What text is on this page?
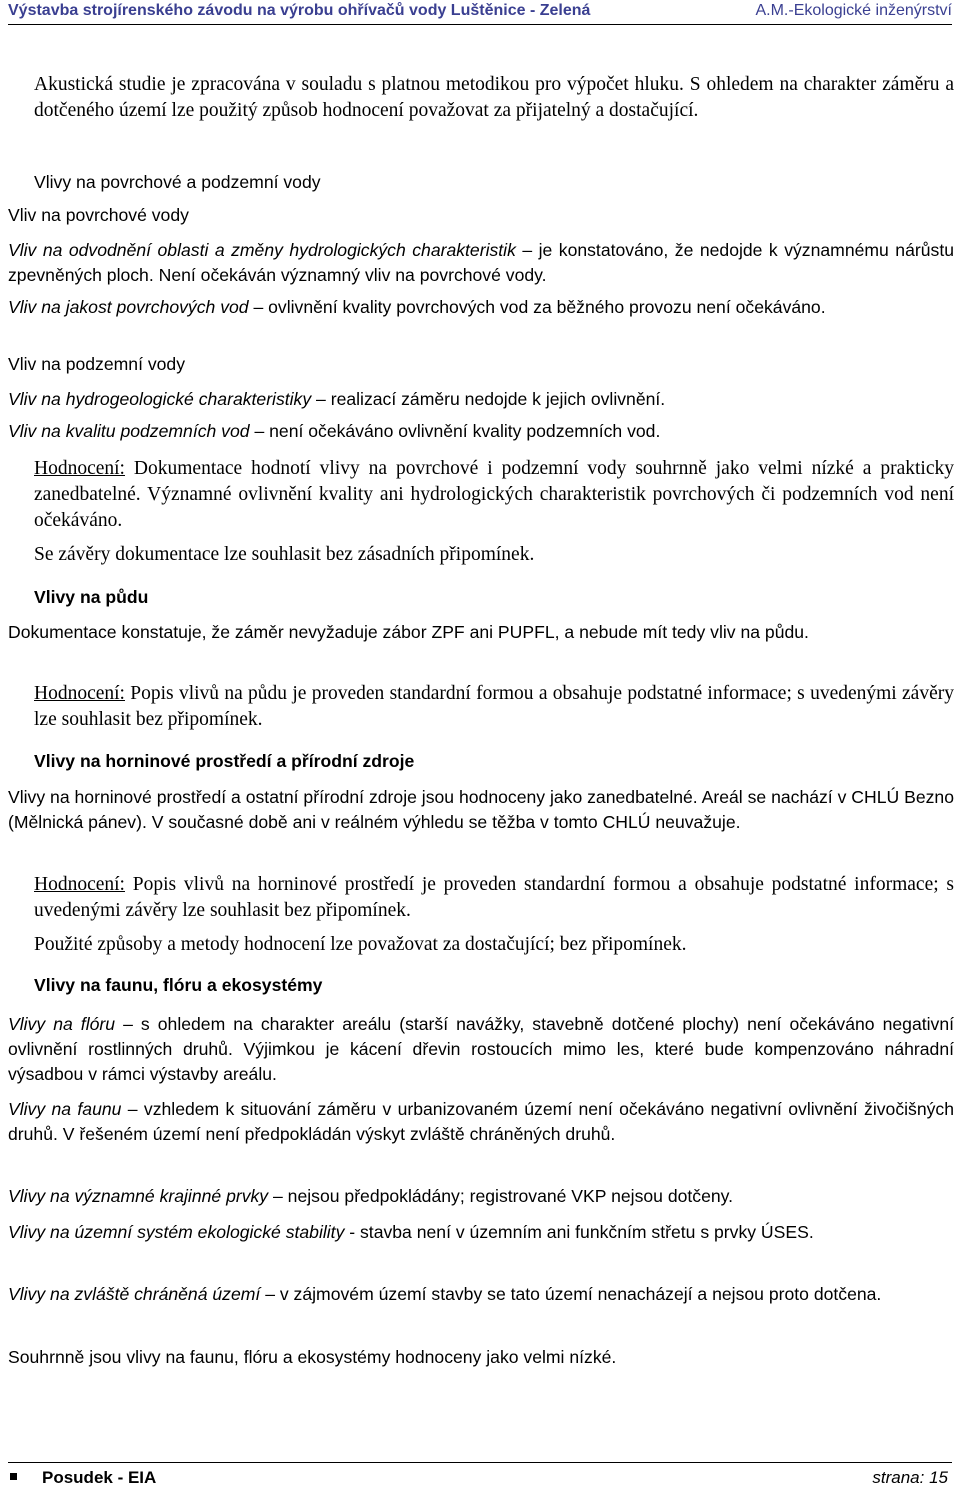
Výstavba strojírenského závodu na výrobu ohřívačů vody Luštěnice - Zelená	A.M.-Ekologické inženýrství

Akustická studie je zpracována v souladu s platnou metodikou pro výpočet hluku. S ohledem na charakter záměru a dotčeného území lze použitý způsob hodnocení považovat za přijatelný a dostačující.

Vlivy na povrchové a podzemní vody

Vliv na povrchové vody

Vliv na odvodnění oblasti a změny hydrologických charakteristik – je konstatováno, že nedojde k významnému nárůstu zpevněných ploch. Není očekáván významný vliv na povrchové vody.

Vliv na jakost povrchových vod – ovlivnění kvality povrchových vod za běžného provozu není očekáváno.

Vliv na podzemní vody

Vliv na hydrogeologické charakteristiky – realizací záměru nedojde k jejich ovlivnění.

Vliv na kvalitu podzemních vod – není očekáváno ovlivnění kvality podzemních vod.

Hodnocení: Dokumentace hodnotí vlivy na povrchové i podzemní vody souhrnně jako velmi nízké a prakticky zanedbatelné. Významné ovlivnění kvality ani hydrologických charakteristik povrchových či podzemních vod není očekáváno.

Se závěry dokumentace lze souhlasit bez zásadních připomínek.

Vlivy na půdu

Dokumentace konstatuje, že záměr nevyžaduje zábor ZPF ani PUPFL, a nebude mít tedy vliv na půdu.

Hodnocení: Popis vlivů na půdu je proveden standardní formou a obsahuje podstatné informace; s uvedenými závěry lze souhlasit bez připomínek.

Vlivy na horninové prostředí a přírodní zdroje

Vlivy na horninové prostředí a ostatní přírodní zdroje jsou hodnoceny jako zanedbatelné. Areál se nachází v CHLÚ Bezno (Mělnická pánev). V současné době ani v reálném výhledu se těžba v tomto CHLÚ neuvažuje.

Hodnocení: Popis vlivů na horninové prostředí je proveden standardní formou a obsahuje podstatné informace; s uvedenými závěry lze souhlasit bez připomínek.

Použité způsoby a metody hodnocení lze považovat za dostačující; bez připomínek.

Vlivy na faunu, flóru a ekosystémy

Vlivy na flóru – s ohledem na charakter areálu (starší navážky, stavebně dotčené plochy) není očekáváno negativní ovlivnění rostlinných druhů. Výjimkou je kácení dřevin rostoucích mimo les, které bude kompenzováno náhradní výsadbou v rámci výstavby areálu.

Vlivy na faunu – vzhledem k situování záměru v urbanizovaném území není očekáváno negativní ovlivnění živočišných druhů. V řešeném území není předpokládán výskyt zvláště chráněných druhů.

Vlivy na významné krajinné prvky – nejsou předpokládány; registrované VKP nejsou dotčeny.

Vlivy na územní systém ekologické stability - stavba není v územním ani funkčním střetu s prvky ÚSES.

Vlivy na zvláště chráněná území – v zájmovém území stavby se tato území nenacházejí a nejsou proto dotčena.

Souhrnně jsou vlivy na faunu, flóru a ekosystémy hodnoceny jako velmi nízké.

Posudek - EIA	strana: 15
